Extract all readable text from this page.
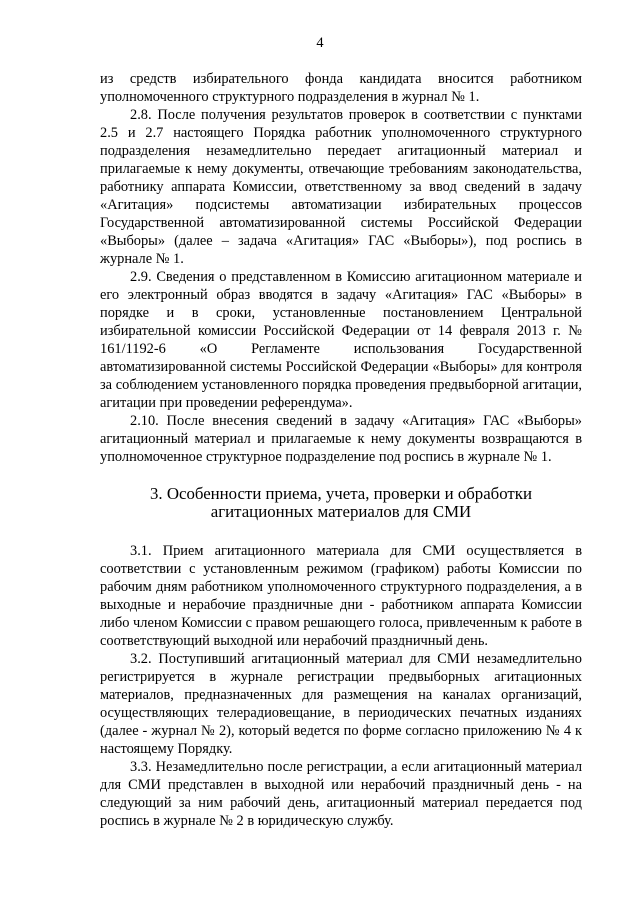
4

из средств избирательного фонда кандидата вносится работником уполномоченного структурного подразделения в журнал № 1.

2.8. После получения результатов проверок в соответствии с пунктами 2.5 и 2.7 настоящего Порядка работник уполномоченного структурного подразделения незамедлительно передает агитационный материал и прилагаемые к нему документы, отвечающие требованиям законодательства, работнику аппарата Комиссии, ответственному за ввод сведений в задачу «Агитация» подсистемы автоматизации избирательных процессов Государственной автоматизированной системы Российской Федерации «Выборы» (далее – задача «Агитация» ГАС «Выборы»), под роспись в журнале № 1.

2.9. Сведения о представленном в Комиссию агитационном материале и его электронный образ вводятся в задачу «Агитация» ГАС «Выборы» в порядке и в сроки, установленные постановлением Центральной избирательной комиссии Российской Федерации от 14 февраля 2013 г. № 161/1192-6 «О Регламенте использования Государственной автоматизированной системы Российской Федерации «Выборы» для контроля за соблюдением установленного порядка проведения предвыборной агитации, агитации при проведении референдума».

2.10. После внесения сведений в задачу «Агитация» ГАС «Выборы» агитационный материал и прилагаемые к нему документы возвращаются в уполномоченное структурное подразделение под роспись в журнале № 1.

3. Особенности приема, учета, проверки и обработки
агитационных материалов для СМИ

3.1. Прием агитационного материала для СМИ осуществляется в соответствии с установленным режимом (графиком) работы Комиссии по рабочим дням работником уполномоченного структурного подразделения, а в выходные и нерабочие праздничные дни - работником аппарата Комиссии либо членом Комиссии с правом решающего голоса, привлеченным к работе в соответствующий выходной или нерабочий праздничный день.

3.2. Поступивший агитационный материал для СМИ незамедлительно регистрируется в журнале регистрации предвыборных агитационных материалов, предназначенных для размещения на каналах организаций, осуществляющих телерадиовещание, в периодических печатных изданиях (далее - журнал № 2), который ведется по форме согласно приложению № 4 к настоящему Порядку.

3.3. Незамедлительно после регистрации, а если агитационный материал для СМИ представлен в выходной или нерабочий праздничный день - на следующий за ним рабочий день, агитационный материал передается под роспись в журнале № 2 в юридическую службу.
